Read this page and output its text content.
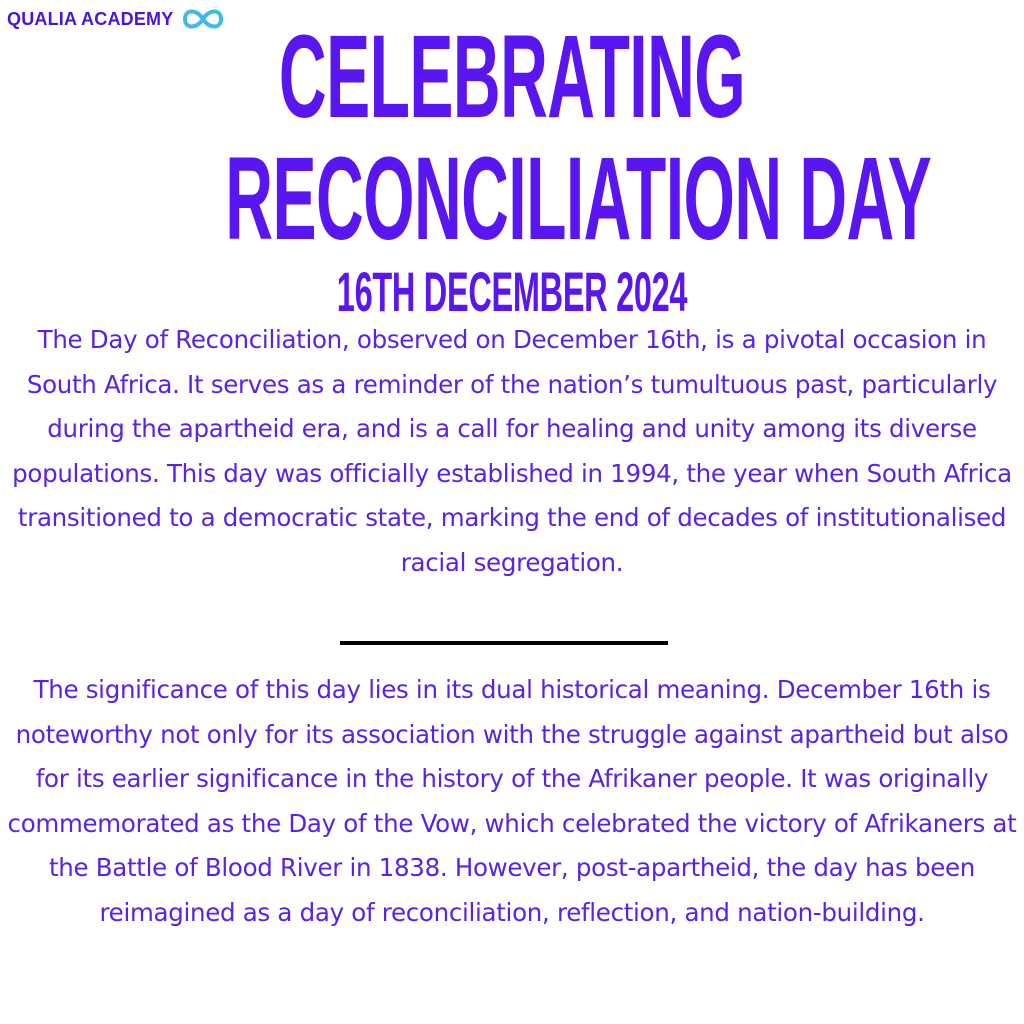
QUALIA ACADEMY CELEBRATING
RECONCILIATION DAY
16TH DECEMBER 2024

The Day of Reconciliation, observed on December 16th, is a pivotal occasion in South Africa. It serves as a reminder of the nation’s tumultuous past, particularly during the apartheid era, and is a call for healing and unity among its diverse populations. This day was officially established in 1994, the year when South Africa transitioned to a democratic state, marking the end of decades of institutionalised racial segregation.

The significance of this day lies in its dual historical meaning. December 16th is noteworthy not only for its association with the struggle against apartheid but also for its earlier significance in the history of the Afrikaner people. It was originally commemorated as the Day of the Vow, which celebrated the victory of Afrikaners at the Battle of Blood River in 1838. However, post-apartheid, the day has been reimagined as a day of reconciliation, reflection, and nation-building.
